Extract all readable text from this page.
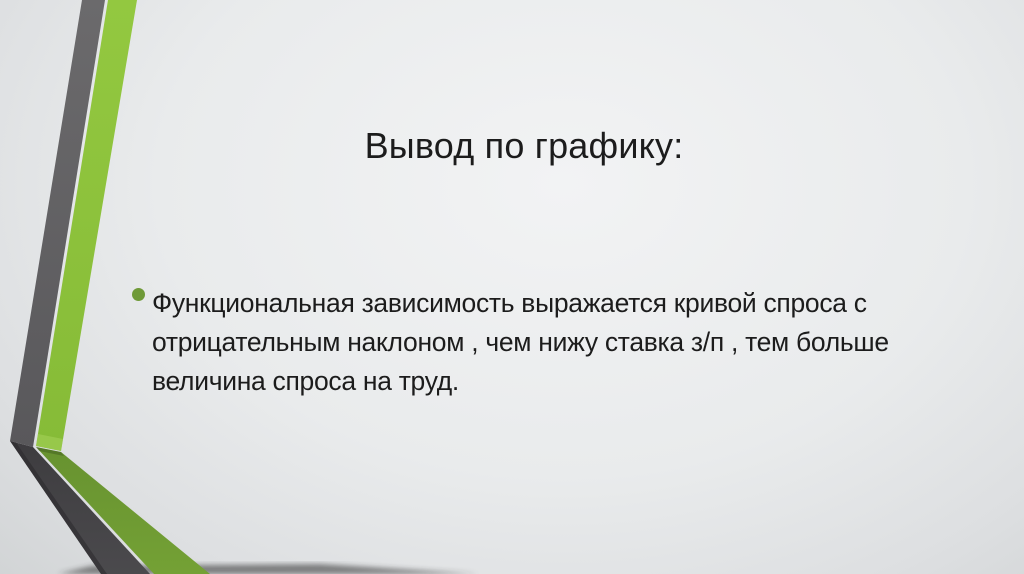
Вывод по графику:
Функциональная зависимость выражается кривой спроса с
отрицательным наклоном , чем нижу ставка з/п , тем больше
величина спроса на труд.
